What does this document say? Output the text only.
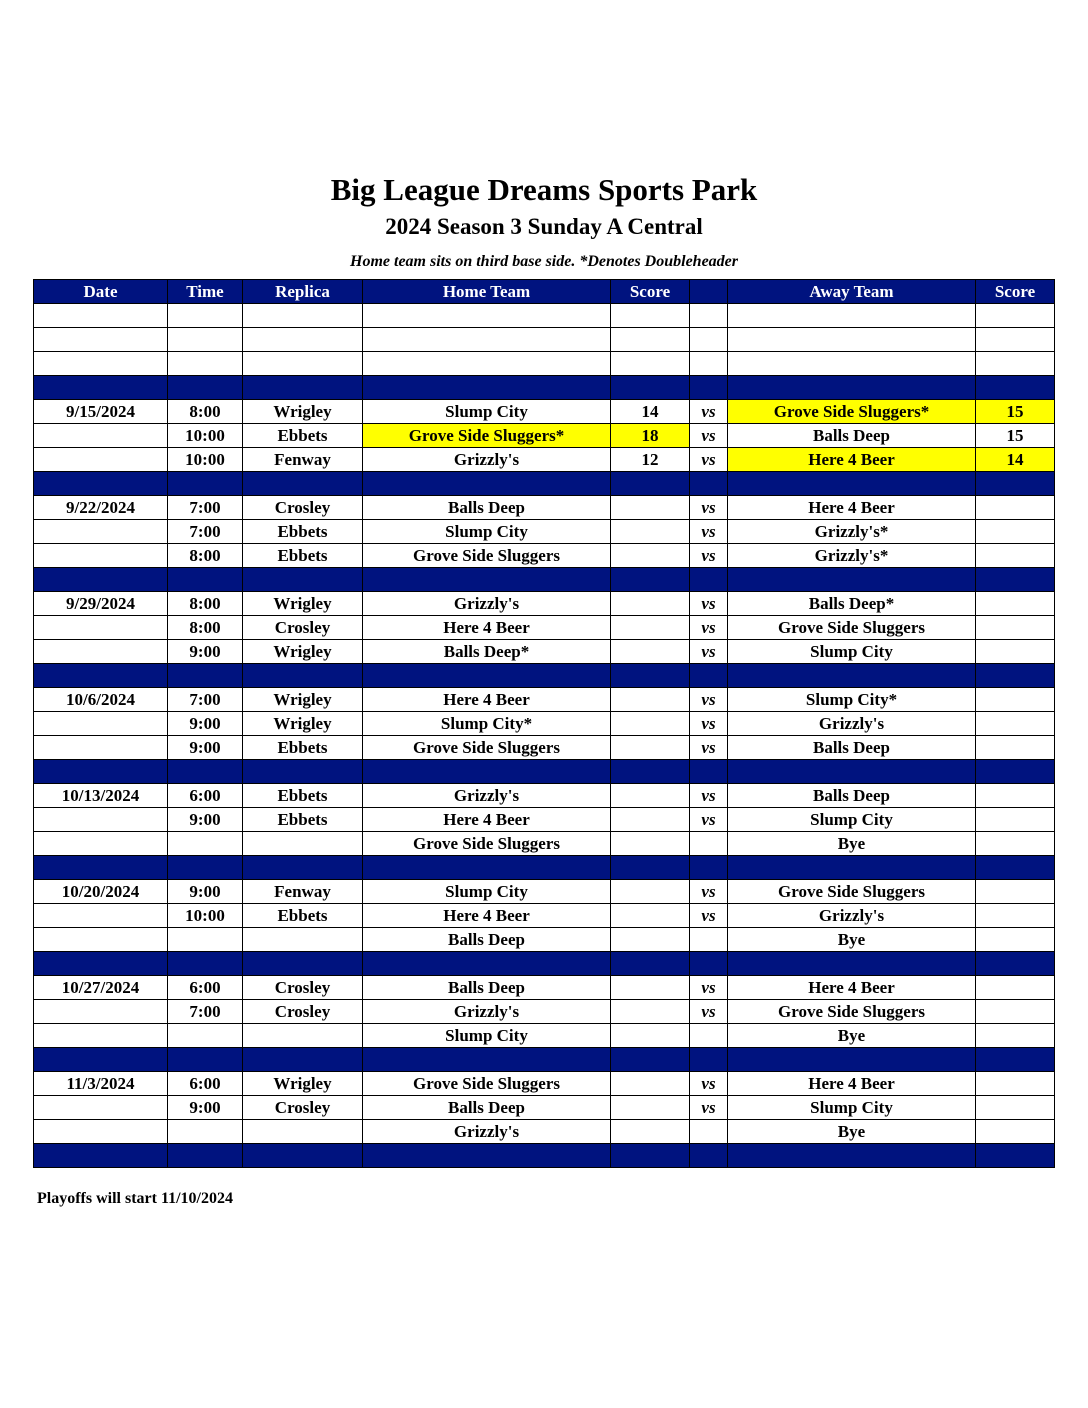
Big League Dreams Sports Park
2024 Season 3 Sunday A Central
Home team sits on third base side. *Denotes Doubleheader
Date	Time	Replica	Home Team	Score		Away Team	Score

9/15/2024	8:00	Wrigley	Slump City	14	vs	Grove Side Sluggers*	15
	10:00	Ebbets	Grove Side Sluggers*	18	vs	Balls Deep	15
	10:00	Fenway	Grizzly's	12	vs	Here 4 Beer	14

9/22/2024	7:00	Crosley	Balls Deep		vs	Here 4 Beer	
	7:00	Ebbets	Slump City		vs	Grizzly's*	
	8:00	Ebbets	Grove Side Sluggers		vs	Grizzly's*	

9/29/2024	8:00	Wrigley	Grizzly's		vs	Balls Deep*	
	8:00	Crosley	Here 4 Beer		vs	Grove Side Sluggers	
	9:00	Wrigley	Balls Deep*		vs	Slump City	

10/6/2024	7:00	Wrigley	Here 4 Beer		vs	Slump City*	
	9:00	Wrigley	Slump City*		vs	Grizzly's	
	9:00	Ebbets	Grove Side Sluggers		vs	Balls Deep	

10/13/2024	6:00	Ebbets	Grizzly's		vs	Balls Deep	
	9:00	Ebbets	Here 4 Beer		vs	Slump City	
			Grove Side Sluggers			Bye	

10/20/2024	9:00	Fenway	Slump City		vs	Grove Side Sluggers	
	10:00	Ebbets	Here 4 Beer		vs	Grizzly's	
			Balls Deep			Bye	

10/27/2024	6:00	Crosley	Balls Deep		vs	Here 4 Beer	
	7:00	Crosley	Grizzly's		vs	Grove Side Sluggers	
			Slump City			Bye	

11/3/2024	6:00	Wrigley	Grove Side Sluggers		vs	Here 4 Beer	
	9:00	Crosley	Balls Deep		vs	Slump City	
			Grizzly's			Bye	

Playoffs will start 11/10/2024
